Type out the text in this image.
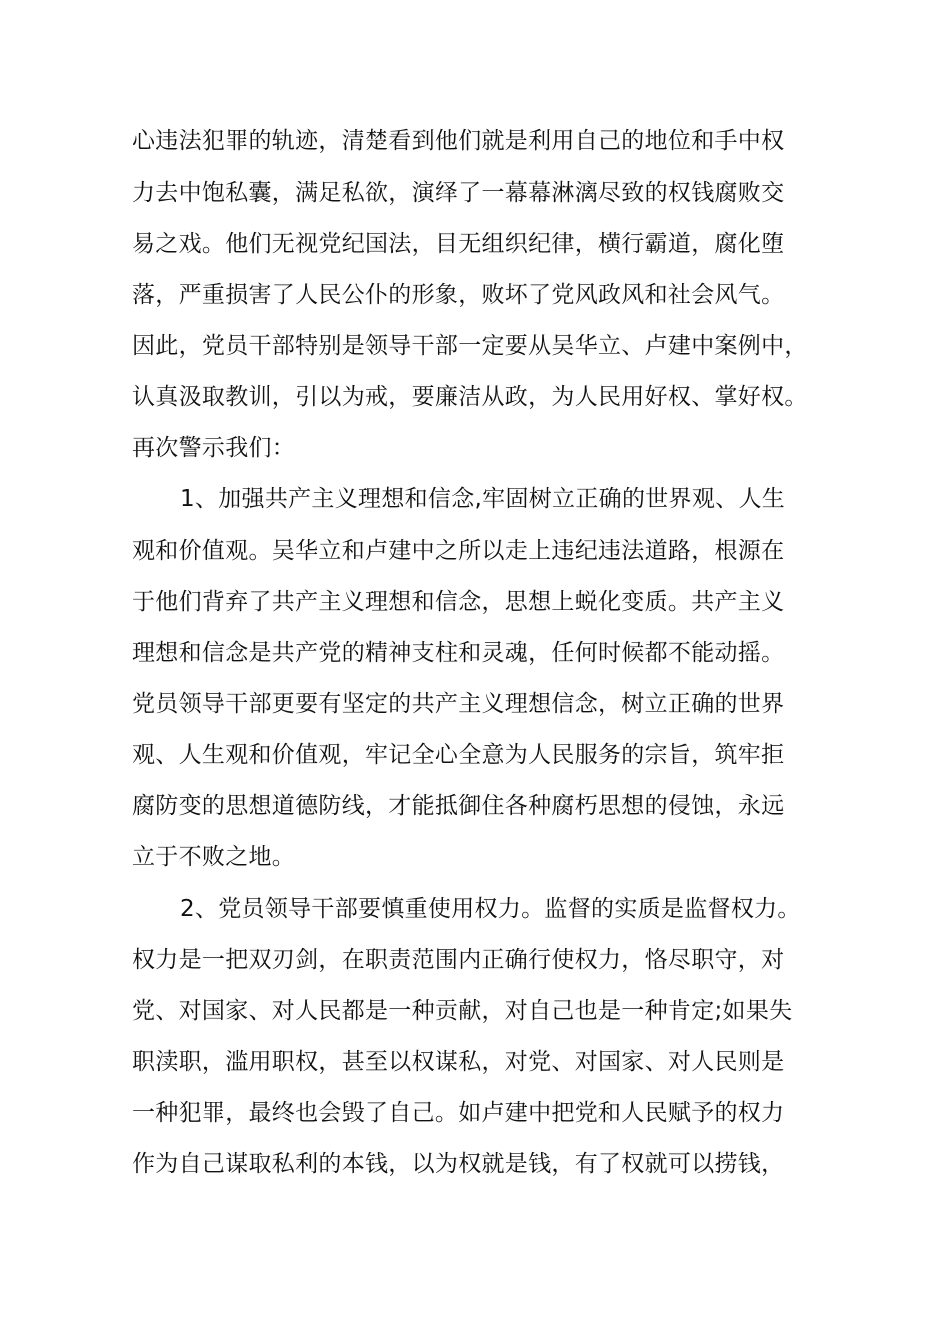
心违法犯罪的轨迹，清楚看到他们就是利用自己的地位和手中权
力去中饱私囊，满足私欲，演绎了一幕幕淋漓尽致的权钱腐败交
易之戏。他们无视党纪国法，目无组织纪律，横行霸道，腐化堕
落，严重损害了人民公仆的形象，败坏了党风政风和社会风气。
因此，党员干部特别是领导干部一定要从吴华立、卢建中案例中，
认真汲取教训，引以为戒，要廉洁从政，为人民用好权、掌好权。
再次警示我们：
1、加强共产主义理想和信念,牢固树立正确的世界观、人生
观和价值观。吴华立和卢建中之所以走上违纪违法道路，根源在
于他们背弃了共产主义理想和信念，思想上蜕化变质。共产主义
理想和信念是共产党的精神支柱和灵魂，任何时候都不能动摇。
党员领导干部更要有坚定的共产主义理想信念，树立正确的世界
观、人生观和价值观，牢记全心全意为人民服务的宗旨，筑牢拒
腐防变的思想道德防线，才能抵御住各种腐朽思想的侵蚀，永远
立于不败之地。
2、党员领导干部要慎重使用权力。监督的实质是监督权力。
权力是一把双刃剑，在职责范围内正确行使权力，恪尽职守，对
党、对国家、对人民都是一种贡献，对自己也是一种肯定;如果失
职渎职，滥用职权，甚至以权谋私，对党、对国家、对人民则是
一种犯罪，最终也会毁了自己。如卢建中把党和人民赋予的权力
作为自己谋取私利的本钱，以为权就是钱，有了权就可以捞钱，
